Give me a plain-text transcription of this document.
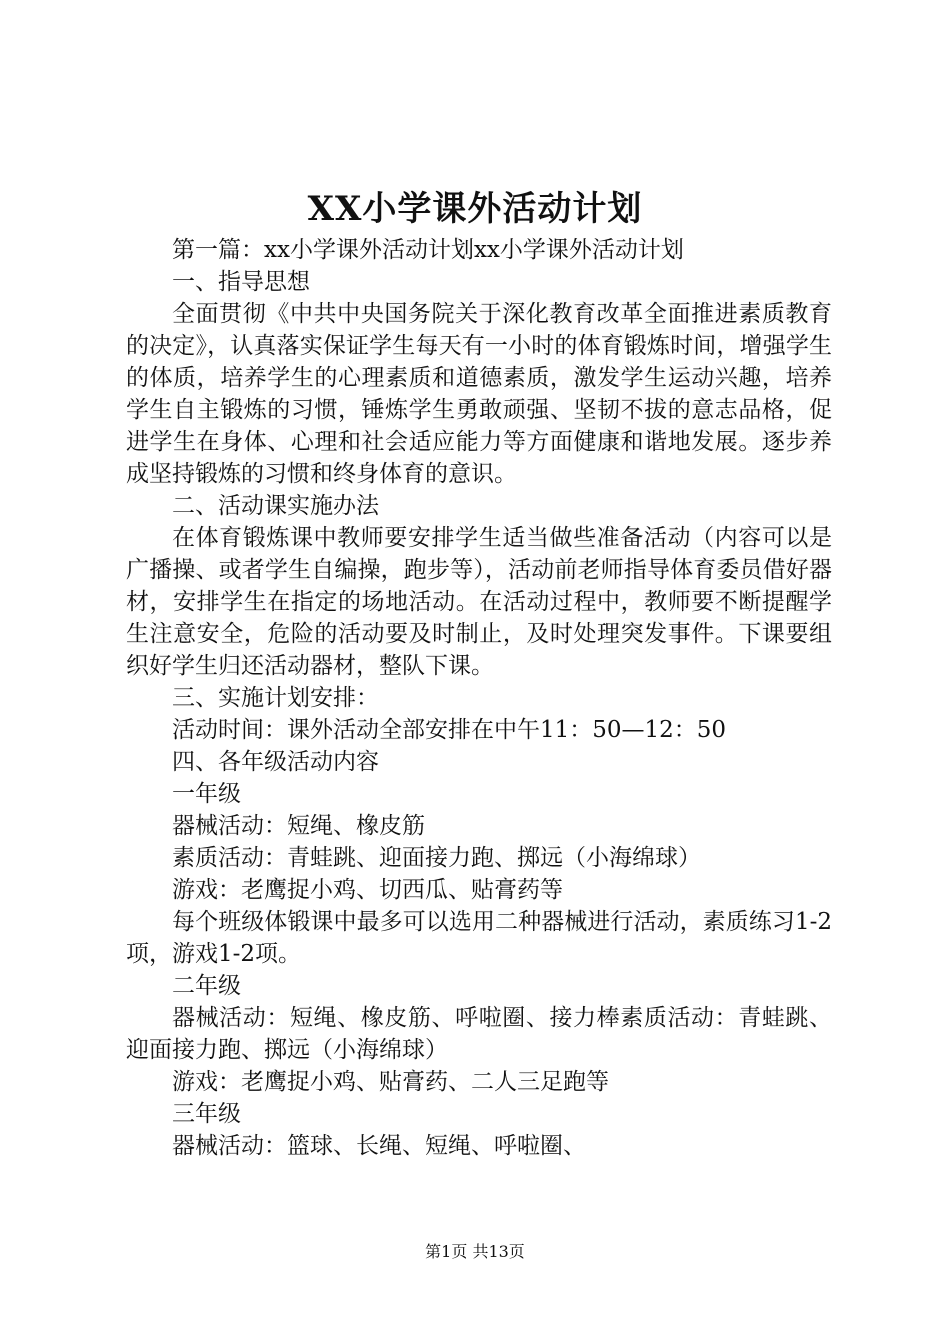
XX小学课外活动计划

第一篇：xx小学课外活动计划xx小学课外活动计划

一、指导思想

全面贯彻《中共中央国务院关于深化教育改革全面推进素质教育的决定》，认真落实保证学生每天有一小时的体育锻炼时间，增强学生的体质，培养学生的心理素质和道德素质，激发学生运动兴趣，培养学生自主锻炼的习惯，锤炼学生勇敢顽强、坚韧不拔的意志品格，促进学生在身体、心理和社会适应能力等方面健康和谐地发展。逐步养成坚持锻炼的习惯和终身体育的意识。

二、活动课实施办法

在体育锻炼课中教师要安排学生适当做些准备活动（内容可以是广播操、或者学生自编操，跑步等），活动前老师指导体育委员借好器材，安排学生在指定的场地活动。在活动过程中，教师要不断提醒学生注意安全，危险的活动要及时制止，及时处理突发事件。下课要组织好学生归还活动器材，整队下课。

三、实施计划安排：

活动时间：课外活动全部安排在中午11：50—12：50

四、各年级活动内容

一年级

器械活动：短绳、橡皮筋

素质活动：青蛙跳、迎面接力跑、掷远（小海绵球）

游戏：老鹰捉小鸡、切西瓜、贴膏药等

每个班级体锻课中最多可以选用二种器械进行活动，素质练习1-2项，游戏1-2项。

二年级

器械活动：短绳、橡皮筋、呼啦圈、接力棒素质活动：青蛙跳、迎面接力跑、掷远（小海绵球）

游戏：老鹰捉小鸡、贴膏药、二人三足跑等

三年级

器械活动：篮球、长绳、短绳、呼啦圈、

第1页 共13页
